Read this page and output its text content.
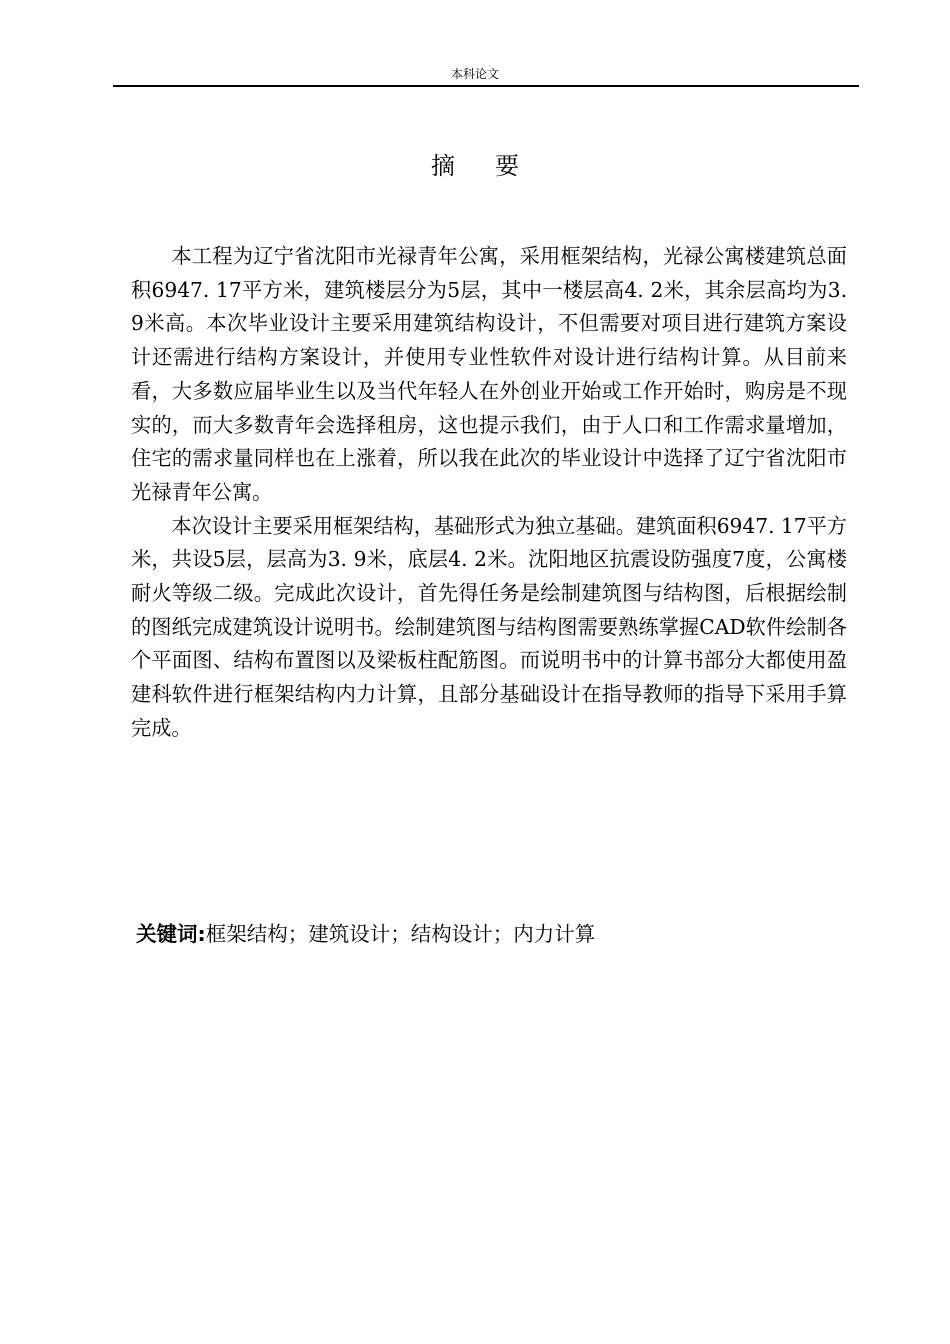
本科论文
摘要

本工程为辽宁省沈阳市光禄青年公寓，采用框架结构，光禄公寓楼建筑总面积6947. 17平方米，建筑楼层分为5层，其中一楼层高4. 2米，其余层高均为3. 9米高。本次毕业设计主要采用建筑结构设计，不但需要对项目进行建筑方案设计还需进行结构方案设计，并使用专业性软件对设计进行结构计算。从目前来看，大多数应届毕业生以及当代年轻人在外创业开始或工作开始时，购房是不现实的，而大多数青年会选择租房，这也提示我们，由于人口和工作需求量增加，住宅的需求量同样也在上涨着，所以我在此次的毕业设计中选择了辽宁省沈阳市光禄青年公寓。

本次设计主要采用框架结构，基础形式为独立基础。建筑面积6947. 17平方米，共设5层，层高为3. 9米，底层4. 2米。沈阳地区抗震设防强度7度，公寓楼耐火等级二级。完成此次设计，首先得任务是绘制建筑图与结构图，后根据绘制的图纸完成建筑设计说明书。绘制建筑图与结构图需要熟练掌握CAD软件绘制各个平面图、结构布置图以及梁板柱配筋图。而说明书中的计算书部分大都使用盈建科软件进行框架结构内力计算，且部分基础设计在指导教师的指导下采用手算完成。

关键词:框架结构；建筑设计；结构设计；内力计算
